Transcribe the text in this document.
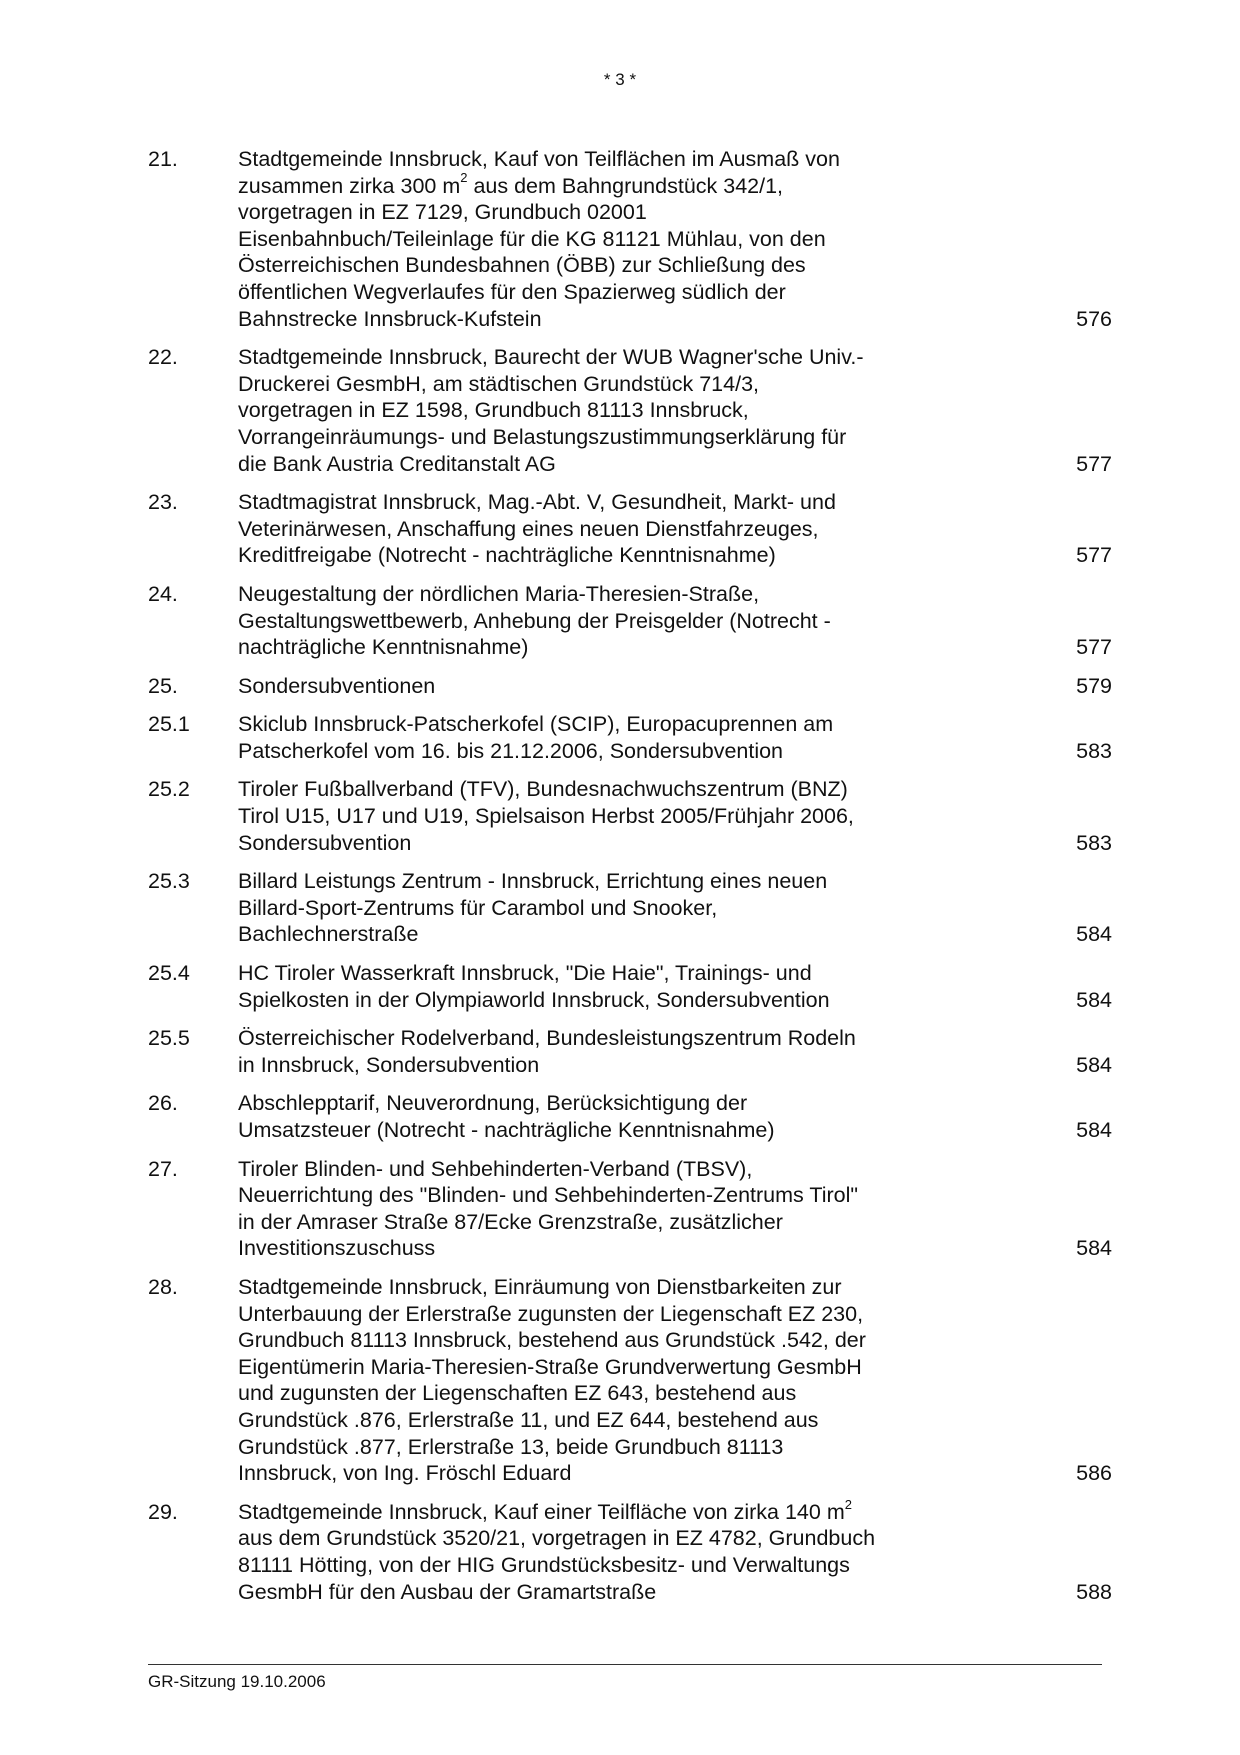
* 3 *
21.	Stadtgemeinde Innsbruck, Kauf von Teilflächen im Ausmaß von
zusammen zirka 300 $m^2$ aus dem Bahngrundstück 342/1,
vorgetragen in EZ 7129, Grundbuch 02001
Eisenbahnbuch/Teileinlage für die KG 81121 Mühlau, von den
Österreichischen Bundesbahnen (ÖBB) zur Schließung des
öffentlichen Wegverlaufes für den Spazierweg südlich der
Bahnstrecke Innsbruck-Kufstein	576
22.	Stadtgemeinde Innsbruck, Baurecht der WUB Wagner'sche Univ.-
Druckerei GesmbH, am städtischen Grundstück 714/3,
vorgetragen in EZ 1598, Grundbuch 81113 Innsbruck,
Vorrangeinräumungs- und Belastungszustimmungserklärung für
die Bank Austria Creditanstalt AG	577
23.	Stadtmagistrat Innsbruck, Mag.-Abt. V, Gesundheit, Markt- und
Veterinärwesen, Anschaffung eines neuen Dienstfahrzeuges,
Kreditfreigabe (Notrecht - nachträgliche Kenntnisnahme)	577
24.	Neugestaltung der nördlichen Maria-Theresien-Straße,
Gestaltungswettbewerb, Anhebung der Preisgelder (Notrecht -
nachträgliche Kenntnisnahme)	577
25.	Sondersubventionen	579
25.1	Skiclub Innsbruck-Patscherkofel (SCIP), Europacuprennen am
Patscherkofel vom 16. bis 21.12.2006, Sondersubvention	583
25.2	Tiroler Fußballverband (TFV), Bundesnachwuchszentrum (BNZ)
Tirol U15, U17 und U19, Spielsaison Herbst 2005/Frühjahr 2006,
Sondersubvention	583
25.3	Billard Leistungs Zentrum - Innsbruck, Errichtung eines neuen
Billard-Sport-Zentrums für Carambol und Snooker,
Bachlechnerstraße	584
25.4	HC Tiroler Wasserkraft Innsbruck, "Die Haie", Trainings- und
Spielkosten in der Olympiaworld Innsbruck, Sondersubvention	584
25.5	Österreichischer Rodelverband, Bundesleistungszentrum Rodeln
in Innsbruck, Sondersubvention	584
26.	Abschlepptarif, Neuverordnung, Berücksichtigung der
Umsatzsteuer (Notrecht - nachträgliche Kenntnisnahme)	584
27.	Tiroler Blinden- und Sehbehinderten-Verband (TBSV),
Neuerrichtung des "Blinden- und Sehbehinderten-Zentrums Tirol"
in der Amraser Straße 87/Ecke Grenzstraße, zusätzlicher
Investitionszuschuss	584
28.	Stadtgemeinde Innsbruck, Einräumung von Dienstbarkeiten zur
Unterbauung der Erlerstraße zugunsten der Liegenschaft EZ 230,
Grundbuch 81113 Innsbruck, bestehend aus Grundstück .542, der
Eigentümerin Maria-Theresien-Straße Grundverwertung GesmbH
und zugunsten der Liegenschaften EZ 643, bestehend aus
Grundstück .876, Erlerstraße 11, und EZ 644, bestehend aus
Grundstück .877, Erlerstraße 13, beide Grundbuch 81113
Innsbruck, von Ing. Fröschl Eduard	586
29.	Stadtgemeinde Innsbruck, Kauf einer Teilfläche von zirka 140 $m^2$
aus dem Grundstück 3520/21, vorgetragen in EZ 4782, Grundbuch
81111 Hötting, von der HIG Grundstücksbesitz- und Verwaltungs
GesmbH für den Ausbau der Gramartstraße	588
GR-Sitzung 19.10.2006
